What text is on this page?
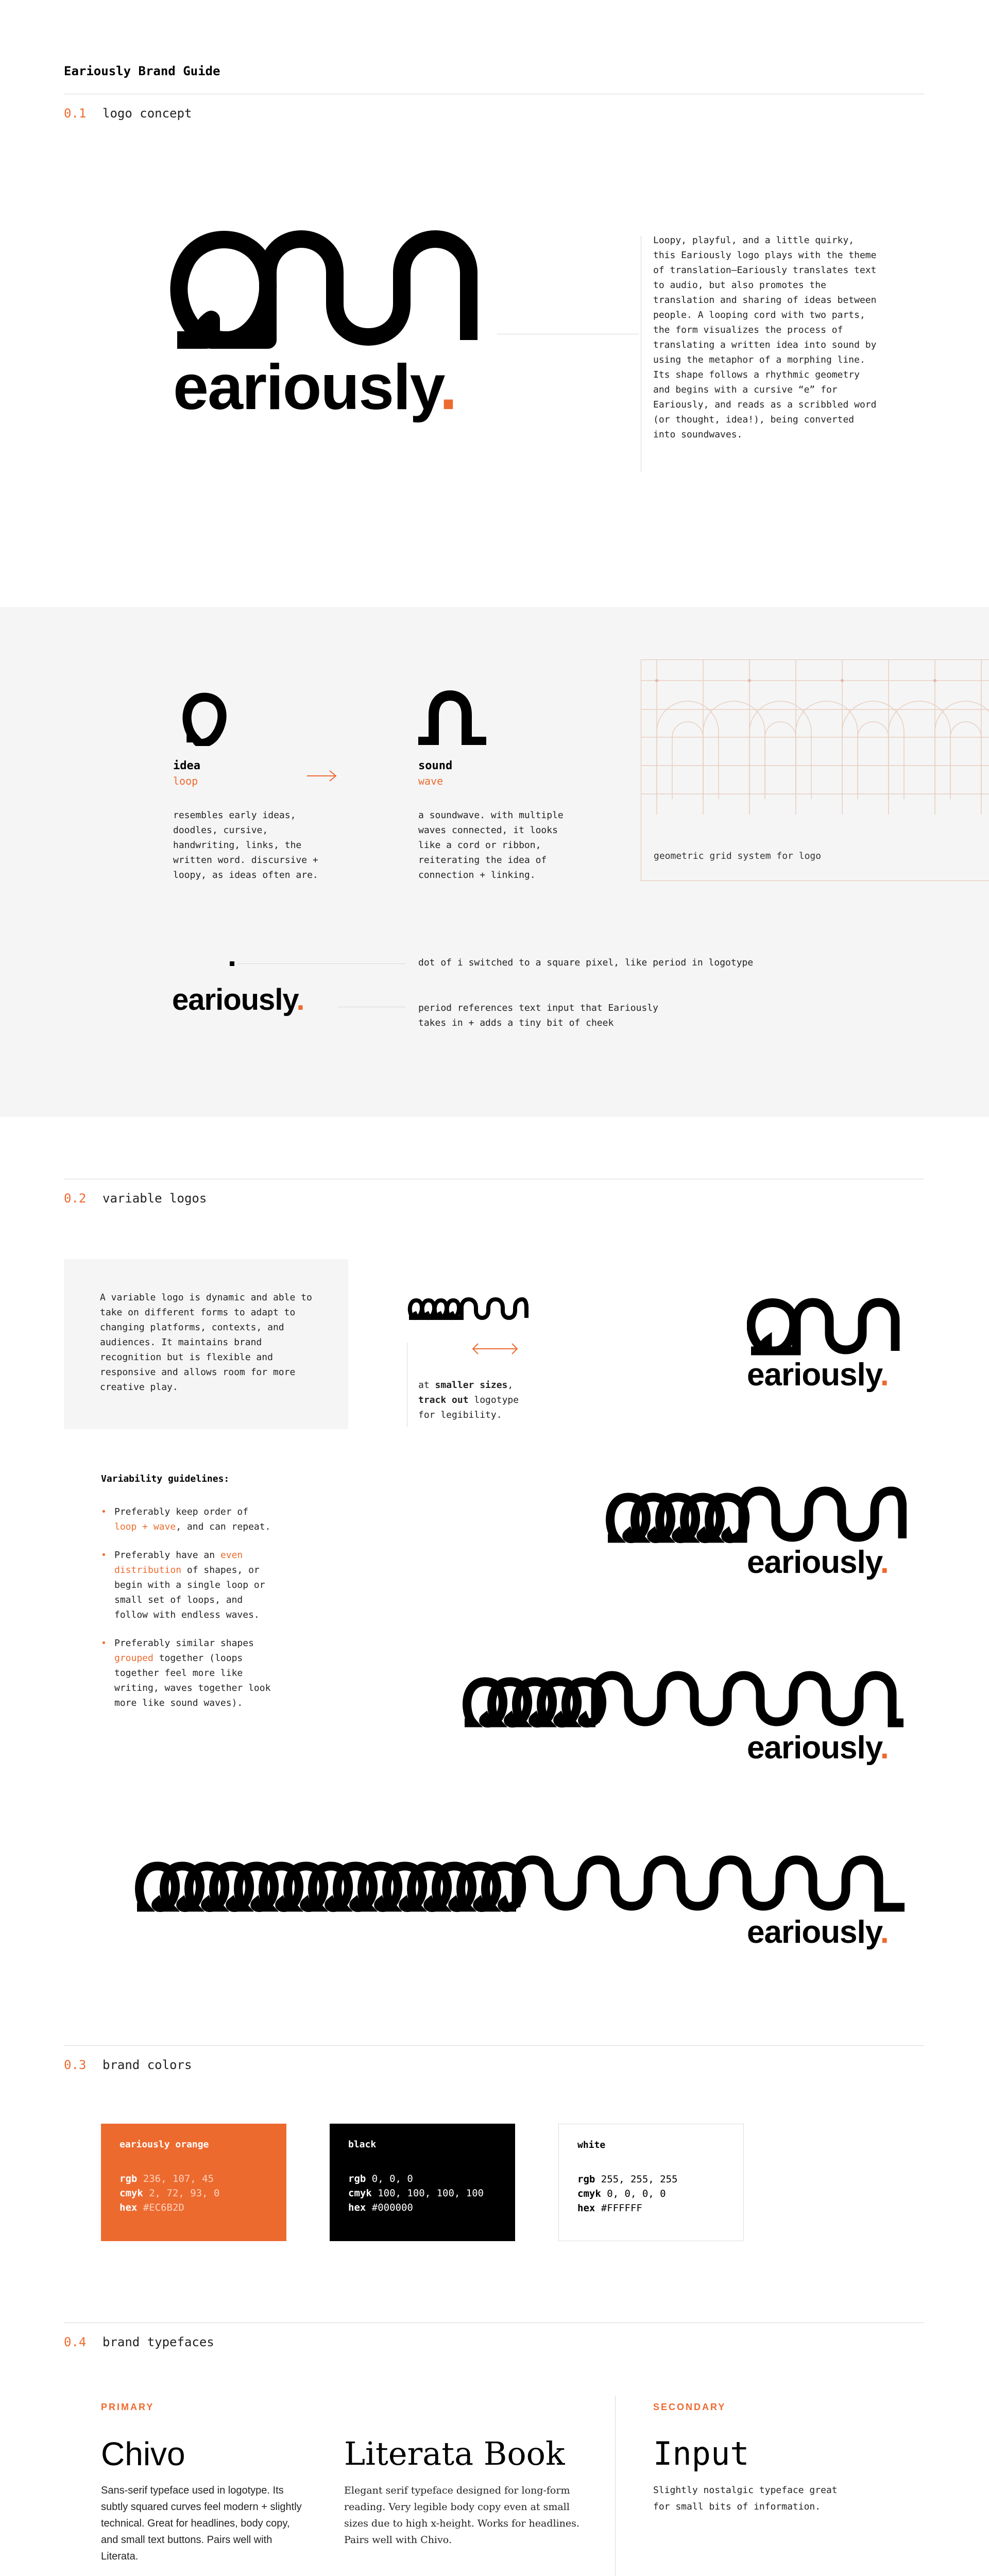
Eariously Brand Guide
0.1 logo concept
eariously.
Loopy, playful, and a little quirky, this Eariously logo plays with the theme of translation—Eariously translates text to audio, but also promotes the translation and sharing of ideas between people. A looping cord with two parts, the form visualizes the process of translating a written idea into sound by using the metaphor of a morphing line. Its shape follows a rhythmic geometry and begins with a cursive “e” for Eariously, and reads as a scribbled word (or thought, idea!), being converted into soundwaves.
idea
loop
resembles early ideas, doodles, cursive, handwriting, links, the written word. discursive + loopy, as ideas often are.
sound
wave
a soundwave. with multiple waves connected, it looks like a cord or ribbon, reiterating the idea of connection + linking.
geometric grid system for logo
dot of i switched to a square pixel, like period in logotype
eariously.	period references text input that Eariously takes in + adds a tiny bit of cheek
0.2 variable logos
A variable logo is dynamic and able to take on different forms to adapt to changing platforms, contexts, and audiences. It maintains brand recognition but is flexible and responsive and allows room for more creative play.	at smaller sizes, track out logotype for legibility.
eariously.
Variability guidelines:
• Preferably keep order of loop + wave, and can repeat.
• Preferably have an even distribution of shapes, or begin with a single loop or small set of loops, and follow with endless waves.
• Preferably similar shapes grouped together (loops together feel more like writing, waves together look more like sound waves).
eariously.
eariously.
eariously.
0.3 brand colors
eariously orange
rgb 236, 107, 45
cmyk 2, 72, 93, 0
hex #EC6B2D
black
rgb 0, 0, 0
cmyk 100, 100, 100, 100
hex #000000
white
rgb 255, 255, 255
cmyk 0, 0, 0, 0
hex #FFFFFF
0.4 brand typefaces
PRIMARY	SECONDARY
Chivo
Sans-serif typeface used in logotype. Its subtly squared curves feel modern + slightly technical. Great for headlines, body copy, and small text buttons. Pairs well with Literata.
Literata Book
Elegant serif typeface designed for long-form reading. Very legible body copy even at small sizes due to high x-height. Works for headlines. Pairs well with Chivo.
Input
Slightly nostalgic typeface great for small bits of information.
